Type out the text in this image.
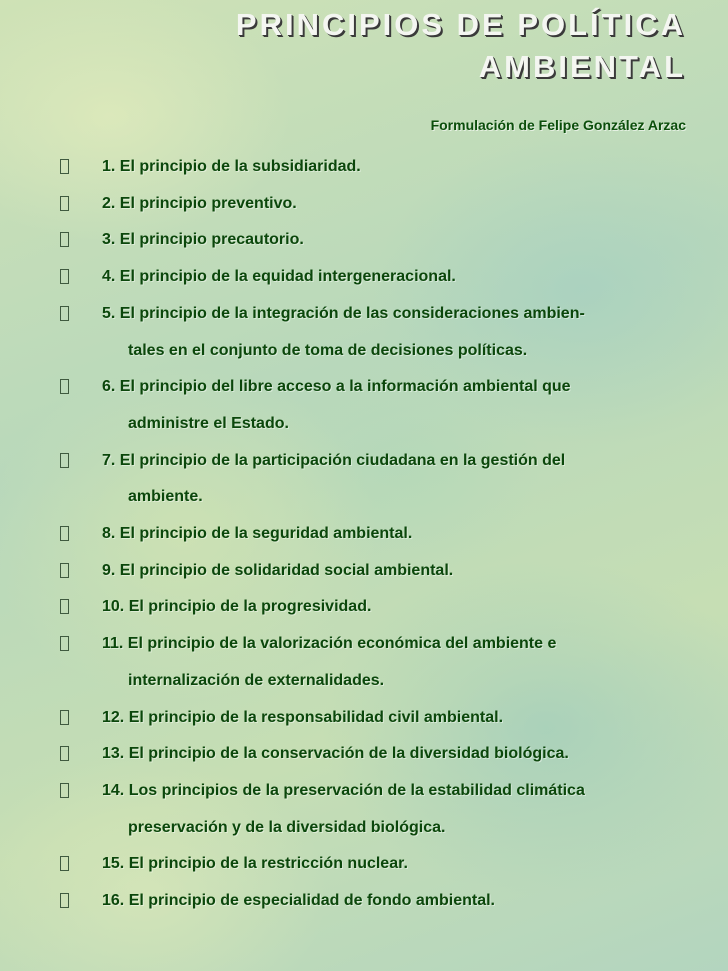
PRINCIPIOS DE POLÍTICA
AMBIENTAL

Formulación de Felipe González Arzac

1. El principio de la subsidiaridad.
2. El principio preventivo.
3. El principio precautorio.
4. El principio de la equidad intergeneracional.
5. El principio de la integración de las consideraciones ambien-
tales en el conjunto de toma de decisiones políticas.
6. El principio del libre acceso a la información ambiental que
administre el Estado.
7. El principio de la participación ciudadana en la gestión del
ambiente.
8. El principio de la seguridad ambiental.
9. El principio de solidaridad social ambiental.
10. El principio de la progresividad.
11. El principio de la valorización económica del ambiente e
internalización de externalidades.
12. El principio de la responsabilidad civil ambiental.
13. El principio de la conservación de la diversidad biológica.
14. Los principios de la preservación de la estabilidad climática
preservación y de la diversidad biológica.
15. El principio de la restricción nuclear.
16. El principio de especialidad de fondo ambiental.
